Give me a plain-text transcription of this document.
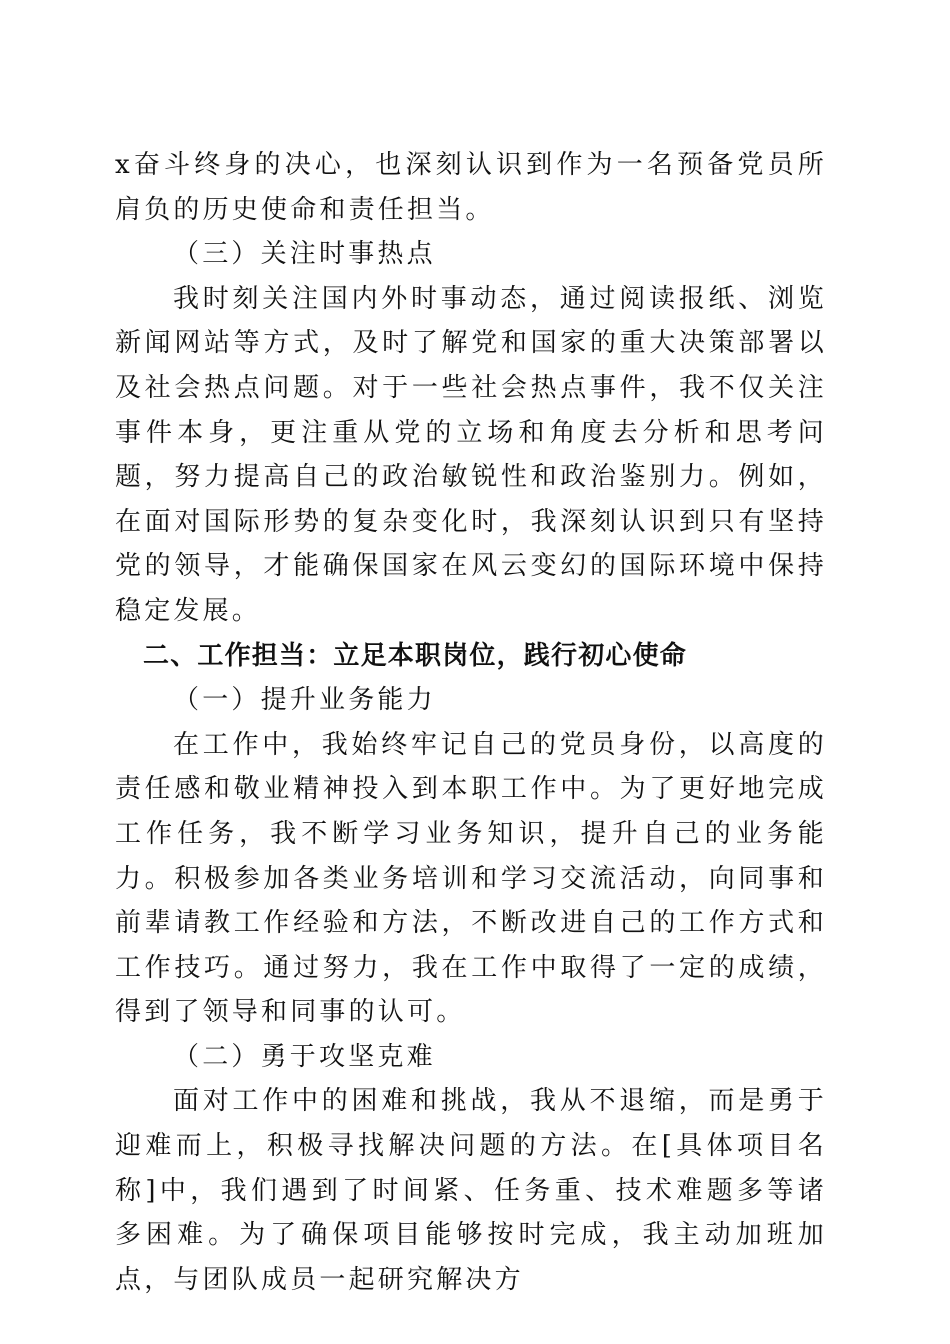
x奋斗终身的决心，也深刻认识到作为一名预备党员所肩负的历史使命和责任担当。

（三）关注时事热点

我时刻关注国内外时事动态，通过阅读报纸、浏览新闻网站等方式，及时了解党和国家的重大决策部署以及社会热点问题。对于一些社会热点事件，我不仅关注事件本身，更注重从党的立场和角度去分析和思考问题，努力提高自己的政治敏锐性和政治鉴别力。例如，在面对国际形势的复杂变化时，我深刻认识到只有坚持党的领导，才能确保国家在风云变幻的国际环境中保持稳定发展。

二、工作担当：立足本职岗位，践行初心使命

（一）提升业务能力

在工作中，我始终牢记自己的党员身份，以高度的责任感和敬业精神投入到本职工作中。为了更好地完成工作任务，我不断学习业务知识，提升自己的业务能力。积极参加各类业务培训和学习交流活动，向同事和前辈请教工作经验和方法，不断改进自己的工作方式和工作技巧。通过努力，我在工作中取得了一定的成绩，得到了领导和同事的认可。

（二）勇于攻坚克难

面对工作中的困难和挑战，我从不退缩，而是勇于迎难而上，积极寻找解决问题的方法。在[具体项目名称]中，我们遇到了时间紧、任务重、技术难题多等诸多困难。为了确保项目能够按时完成，我主动加班加点，与团队成员一起研究解决方
